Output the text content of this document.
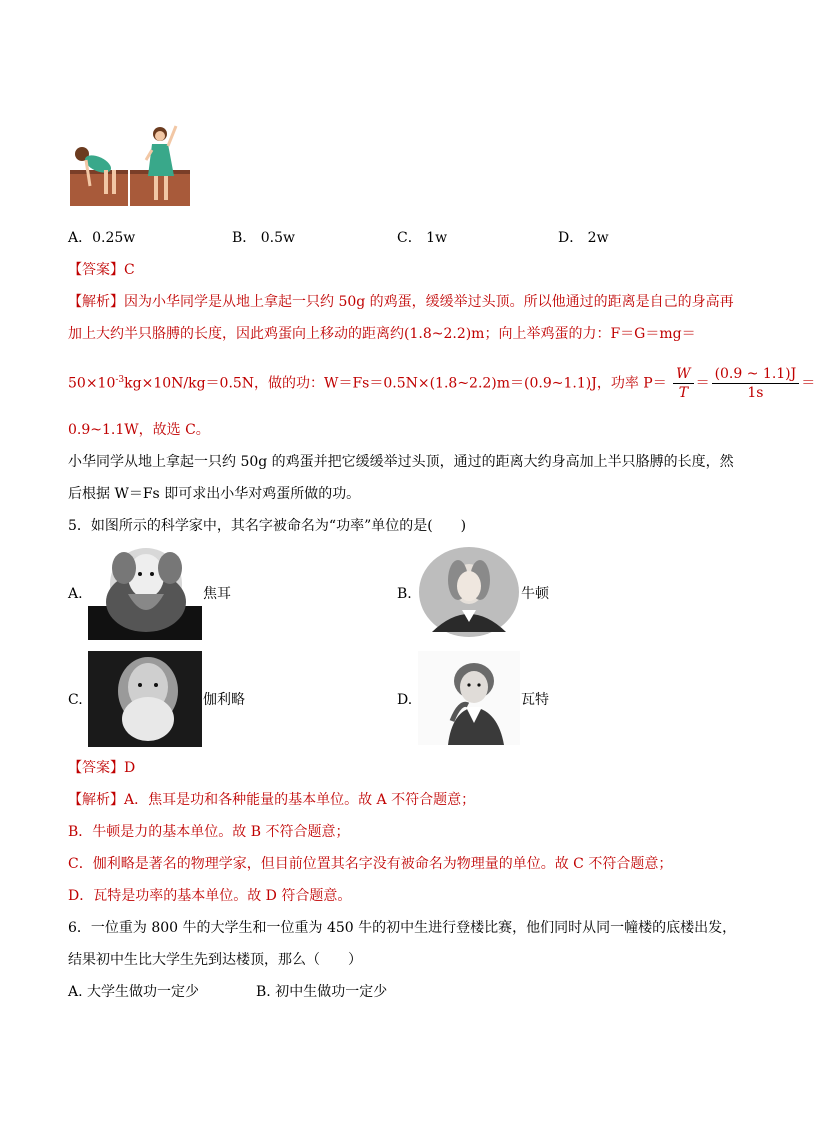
A．0.25w	B． 0.5w	C． 1w	D． 2w
【答案】C
【解析】因为小华同学是从地上拿起一只约 50g 的鸡蛋，缓缓举过头顶。所以他通过的距离是自己的身高再
加上大约半只胳膊的长度，因此鸡蛋向上移动的距离约(1.8~2.2)m；向上举鸡蛋的力：F＝G＝mg＝
$50\times 10^{-3}kg\times 10N/kg=0.5N$，做的功：W＝Fs＝0.5N×(1.8~2.2)m＝(0.9~1.1)J，功率 $P= \frac{W}{T} = \frac{(0.9 \sim 1.1)J}{1s}$ ＝
0.9~1.1W，故选 C。
小华同学从地上拿起一只约 50g 的鸡蛋并把它缓缓举过头顶，通过的距离大约身高加上半只胳膊的长度，然
后根据 W＝Fs 即可求出小华对鸡蛋所做的功。
5．如图所示的科学家中，其名字被命名为“功率”单位的是(　　)
A.	焦耳	B.	牛顿
C.	伽利略	D.	瓦特
【答案】D
【解析】A．焦耳是功和各种能量的基本单位。故 A 不符合题意；
B．牛顿是力的基本单位。故 B 不符合题意；
C．伽利略是著名的物理学家，但目前位置其名字没有被命名为物理量的单位。故 C 不符合题意；
D．瓦特是功率的基本单位。故 D 符合题意。
6．一位重为 800 牛的大学生和一位重为 450 牛的初中生进行登楼比赛，他们同时从同一幢楼的底楼出发，
结果初中生比大学生先到达楼顶，那么（　　）
A. 大学生做功一定少	B. 初中生做功一定少
